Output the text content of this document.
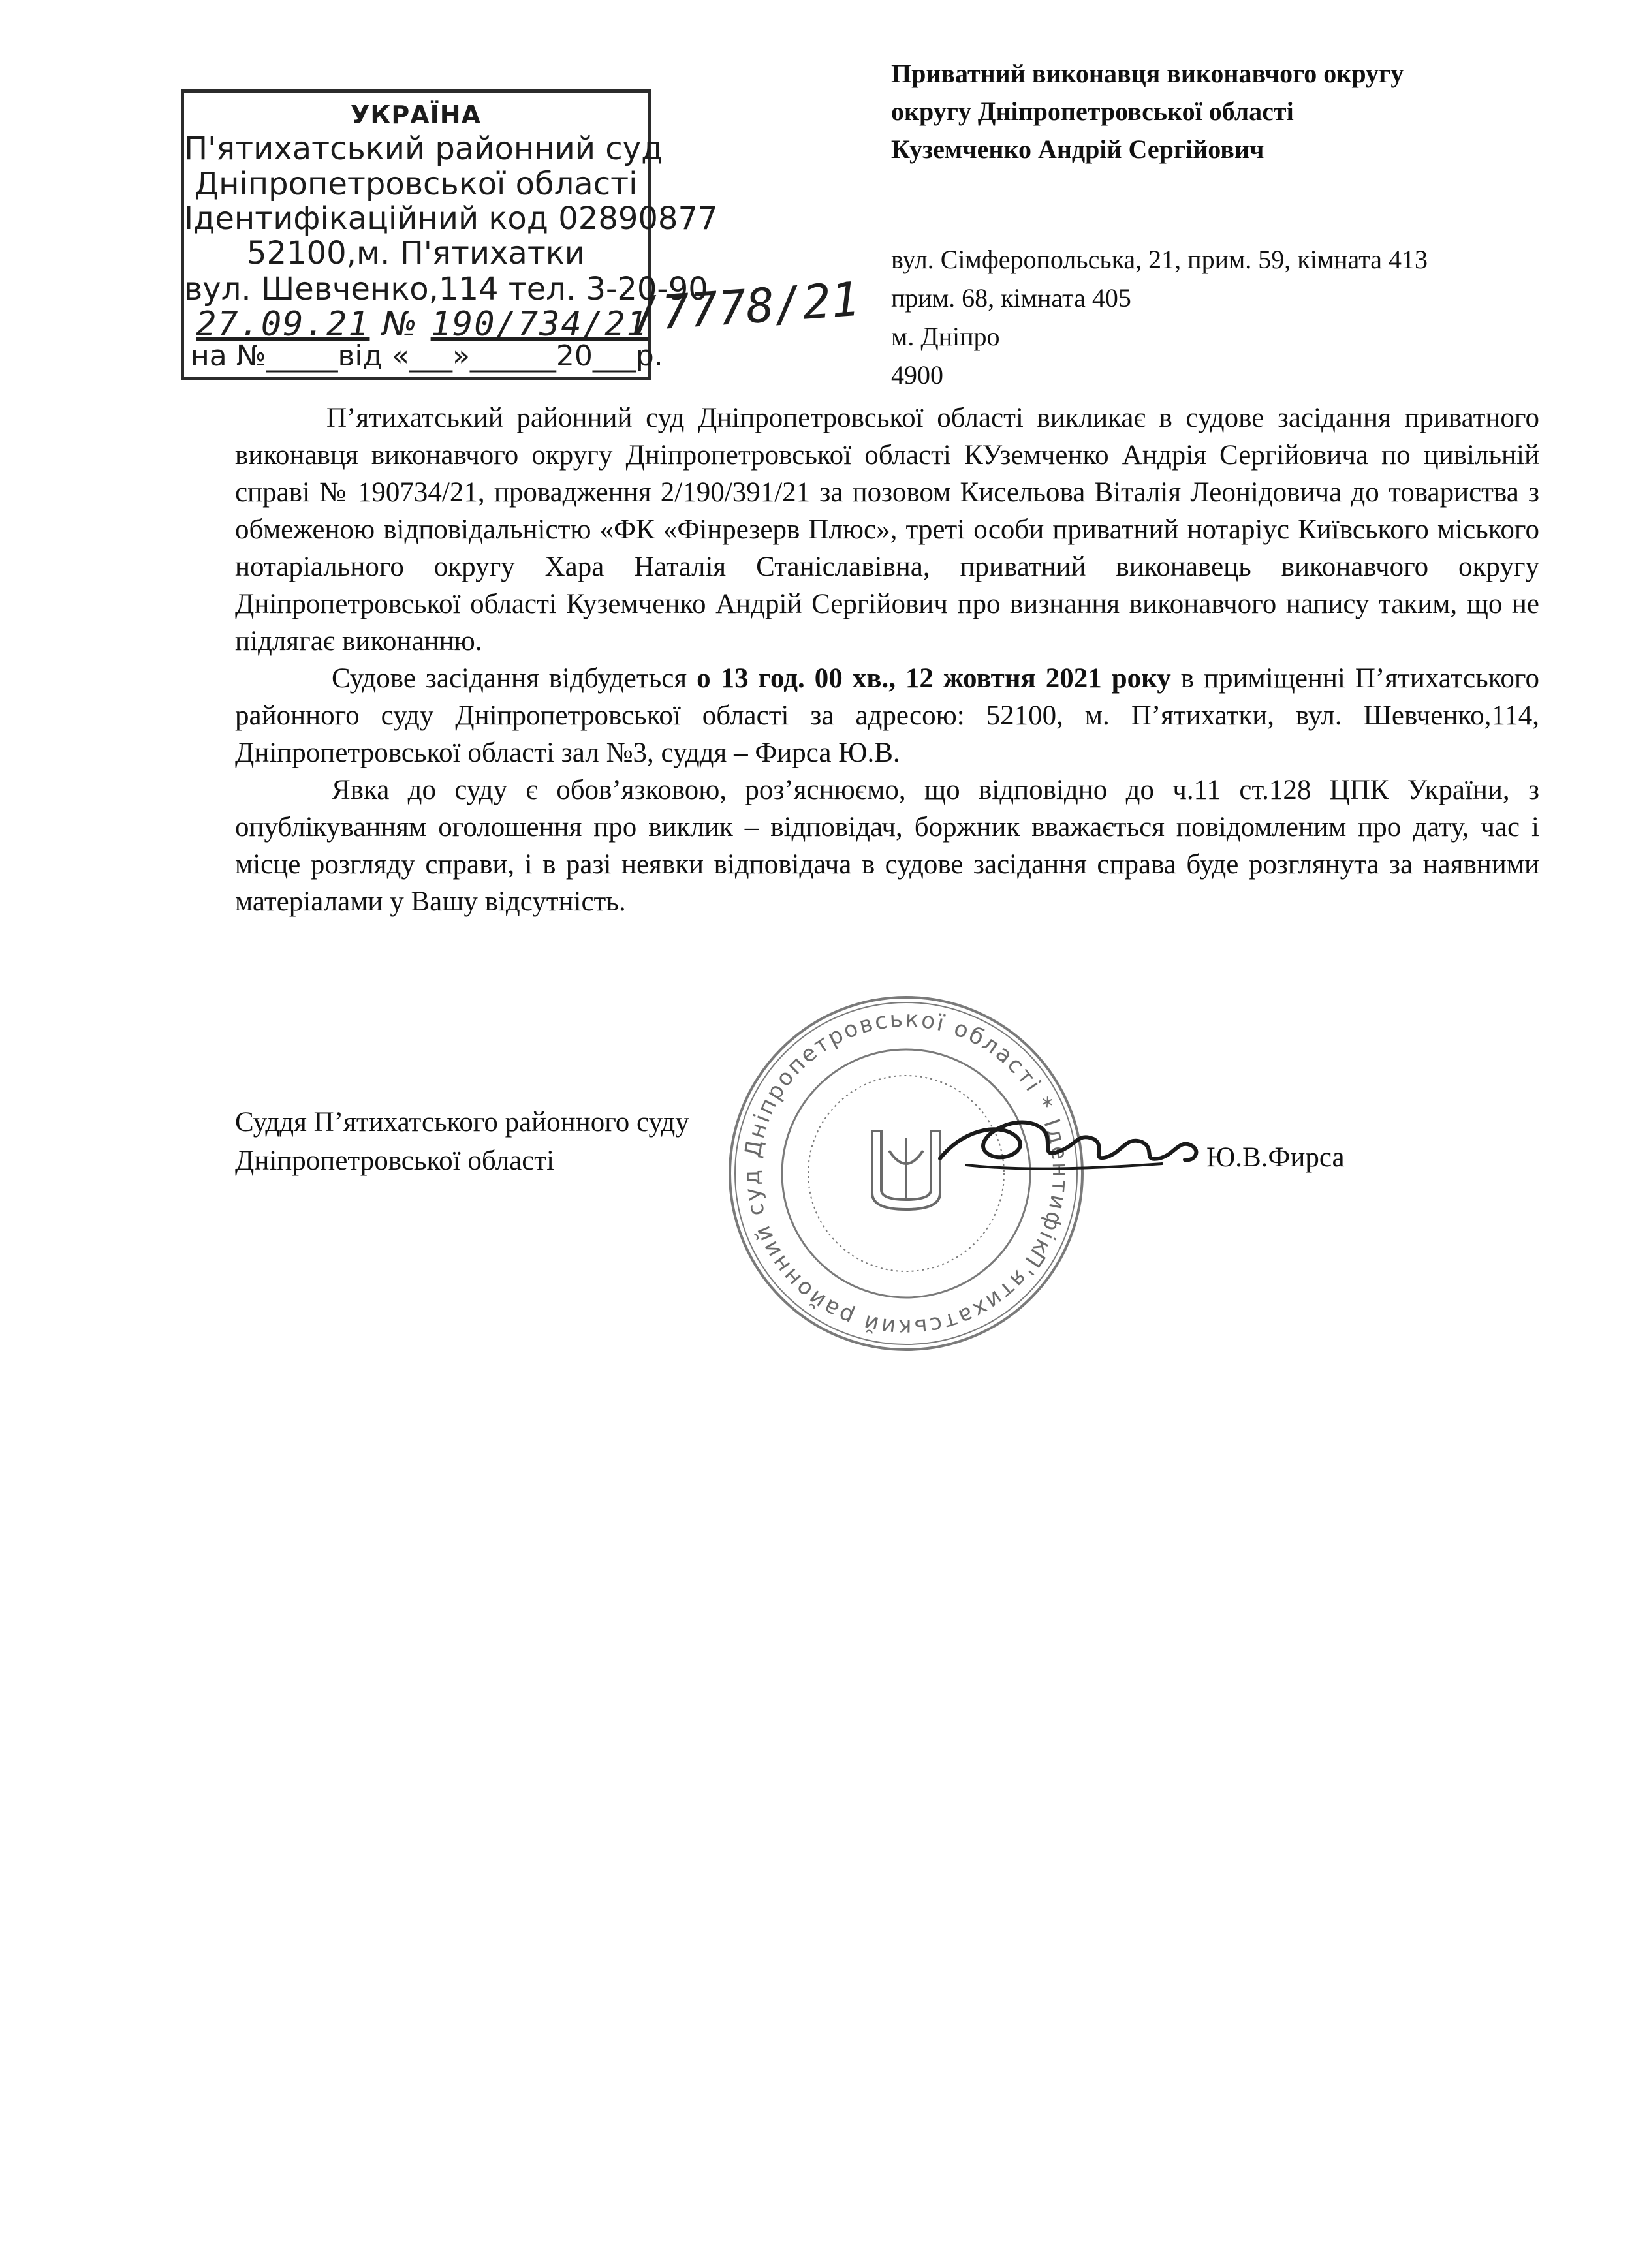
УКРАЇНА
П'ятихатський районний суд
Дніпропетровської області
Ідентифікаційний код 02890877
52100,м. П'ятихатки
вул. Шевченко,114 тел. 3-20-90
27.09.21 № 190/734/21
на №_____від «___»______20___р.
/7778/21
Приватний виконавця виконавчого округу
округу Дніпропетровської області
Куземченко Андрій Сергійович
вул. Сімферопольська, 21, прим. 59, кімната 413
прим. 68, кімната 405
м. Дніпро
4900

П’ятихатський районний суд Дніпропетровської області викликає в судове засідання приватного виконавця виконавчого округу Дніпропетровської області КУземченко Андрія Сергійовича по цивільній справі № 190734/21, провадження 2/190/391/21 за позовом Кисельова Віталія Леонідовича до товариства з обмеженою відповідальністю «ФК «Фінрезерв Плюс», треті особи приватний нотаріус Київського міського нотаріального округу Хара Наталія Станіславівна, приватний виконавець виконавчого округу Дніпропетровської області Куземченко Андрій Сергійович про визнання виконавчого напису таким, що не підлягає виконанню.

Судове засідання відбудеться о 13 год. 00 хв., 12 жовтня 2021 року в приміщенні П’ятихатського районного суду Дніпропетровської області за адресою: 52100, м. П’ятихатки, вул. Шевченко,114, Дніпропетровської області зал №3, суддя – Фирса Ю.В.

Явка до суду є обов’язковою, роз’яснюємо, що відповідно до ч.11 ст.128 ЦПК України, з опублікуванням оголошення про виклик – відповідач, боржник вважається повідомленим про дату, час і місце розгляду справи, і в разі неявки відповідача в судове засідання справа буде розглянута за наявними матеріалами у Вашу відсутність.

П'ятихатський районний суд Дніпропетровської області * Ідентифікаційний
Суддя П’ятихатського районного суду
Дніпропетровської області	Ю.В.Фирса
